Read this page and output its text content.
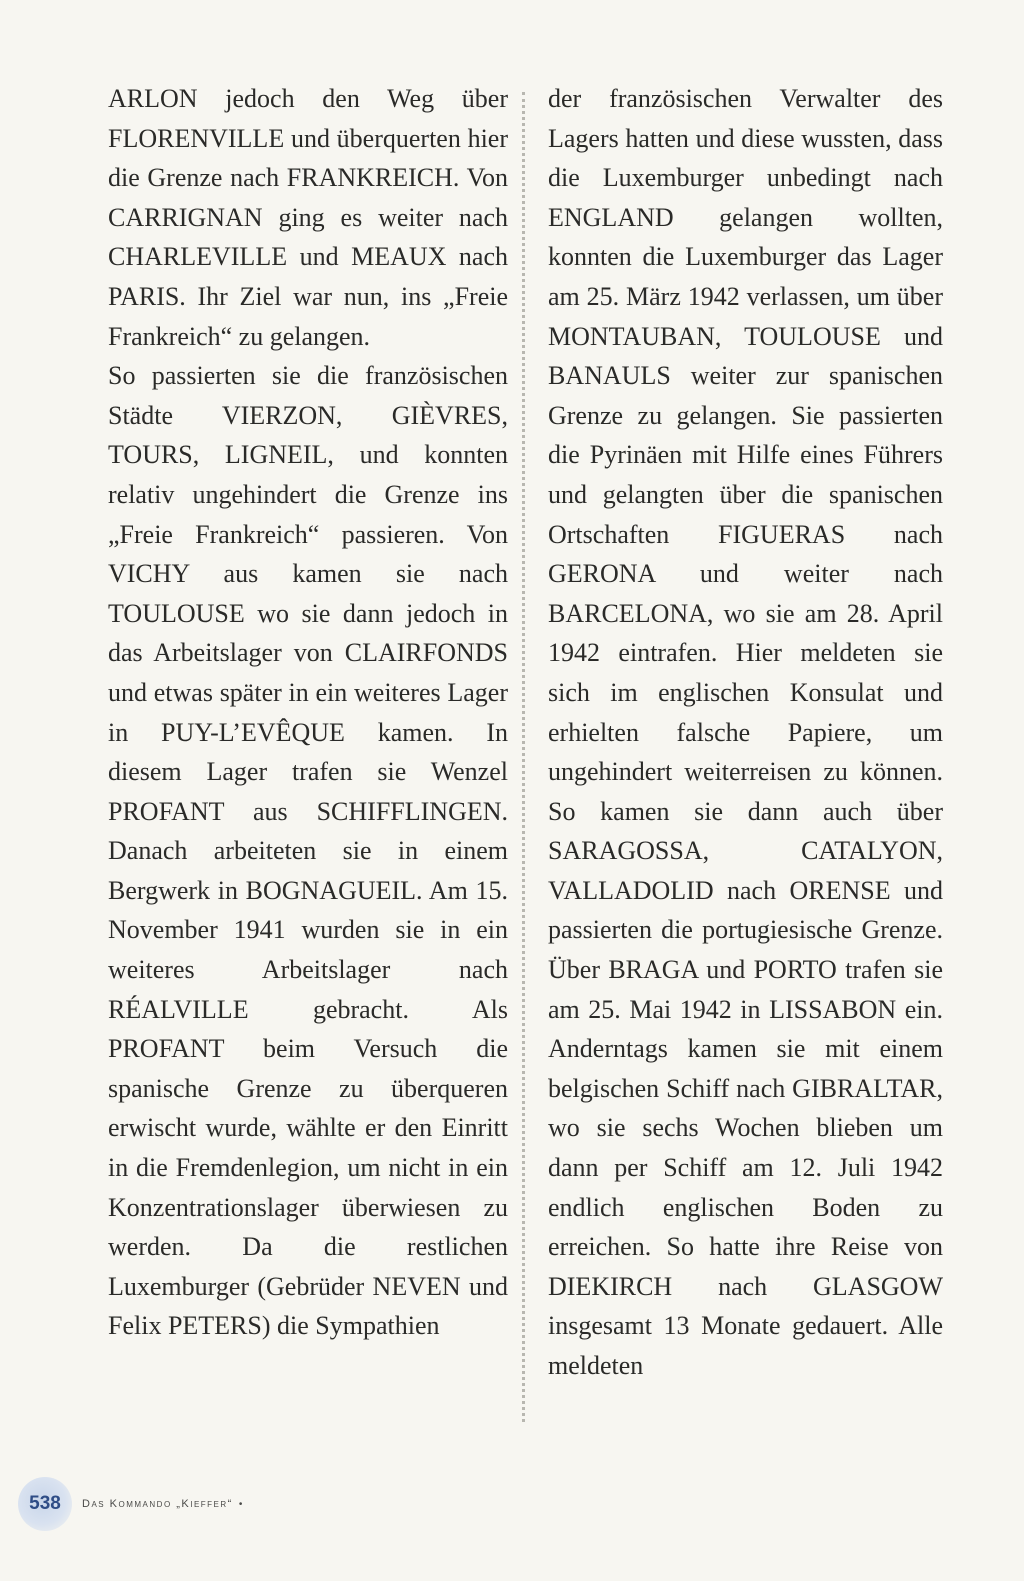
ARLON jedoch den Weg über FLORENVILLE und überquerten hier die Grenze nach FRANKREICH. Von CARRIGNAN ging es weiter nach CHARLEVILLE und MEAUX nach PARIS. Ihr Ziel war nun, ins „Freie Frankreich“ zu gelangen.

So passierten sie die französischen Städte VIERZON, GIÈVRES, TOURS, LIGNEIL, und konnten relativ ungehindert die Grenze ins „Freie Frankreich“ passieren. Von VICHY aus kamen sie nach TOULOUSE wo sie dann jedoch in das Arbeitslager von CLAIRFONDS und etwas später in ein weiteres Lager in PUY-L’EVÊQUE kamen. In diesem Lager trafen sie Wenzel PROFANT aus SCHIFFLINGEN. Danach arbeiteten sie in einem Bergwerk in BOGNAGUEIL. Am 15. November 1941 wurden sie in ein weiteres Arbeitslager nach RÉALVILLE gebracht. Als PROFANT beim Versuch die spanische Grenze zu überqueren erwischt wurde, wählte er den Einritt in die Fremdenlegion, um nicht in ein Konzentrationslager überwiesen zu werden. Da die restlichen Luxemburger (Gebrüder NEVEN und Felix PETERS) die Sympathien

der französischen Verwalter des Lagers hatten und diese wussten, dass die Luxemburger unbedingt nach ENGLAND gelangen wollten, konnten die Luxemburger das Lager am 25. März 1942 verlassen, um über MONTAUBAN, TOULOUSE und BANAULS weiter zur spanischen Grenze zu gelangen. Sie passierten die Pyrinäen mit Hilfe eines Führers und gelangten über die spanischen Ortschaften FIGUERAS nach GERONA und weiter nach BARCELONA, wo sie am 28. April 1942 eintrafen. Hier meldeten sie sich im englischen Konsulat und erhielten falsche Papiere, um ungehindert weiterreisen zu können. So kamen sie dann auch über SARAGOSSA, CATALYON, VALLADOLID nach ORENSE und passierten die portugiesische Grenze. Über BRAGA und PORTO trafen sie am 25. Mai 1942 in LISSABON ein. Anderntags kamen sie mit einem belgischen Schiff nach GIBRALTAR, wo sie sechs Wochen blieben um dann per Schiff am 12. Juli 1942 endlich englischen Boden zu erreichen. So hatte ihre Reise von DIEKIRCH nach GLASGOW insgesamt 13 Monate gedauert. Alle meldeten

538 Das Kommando „Kieffer“ •
